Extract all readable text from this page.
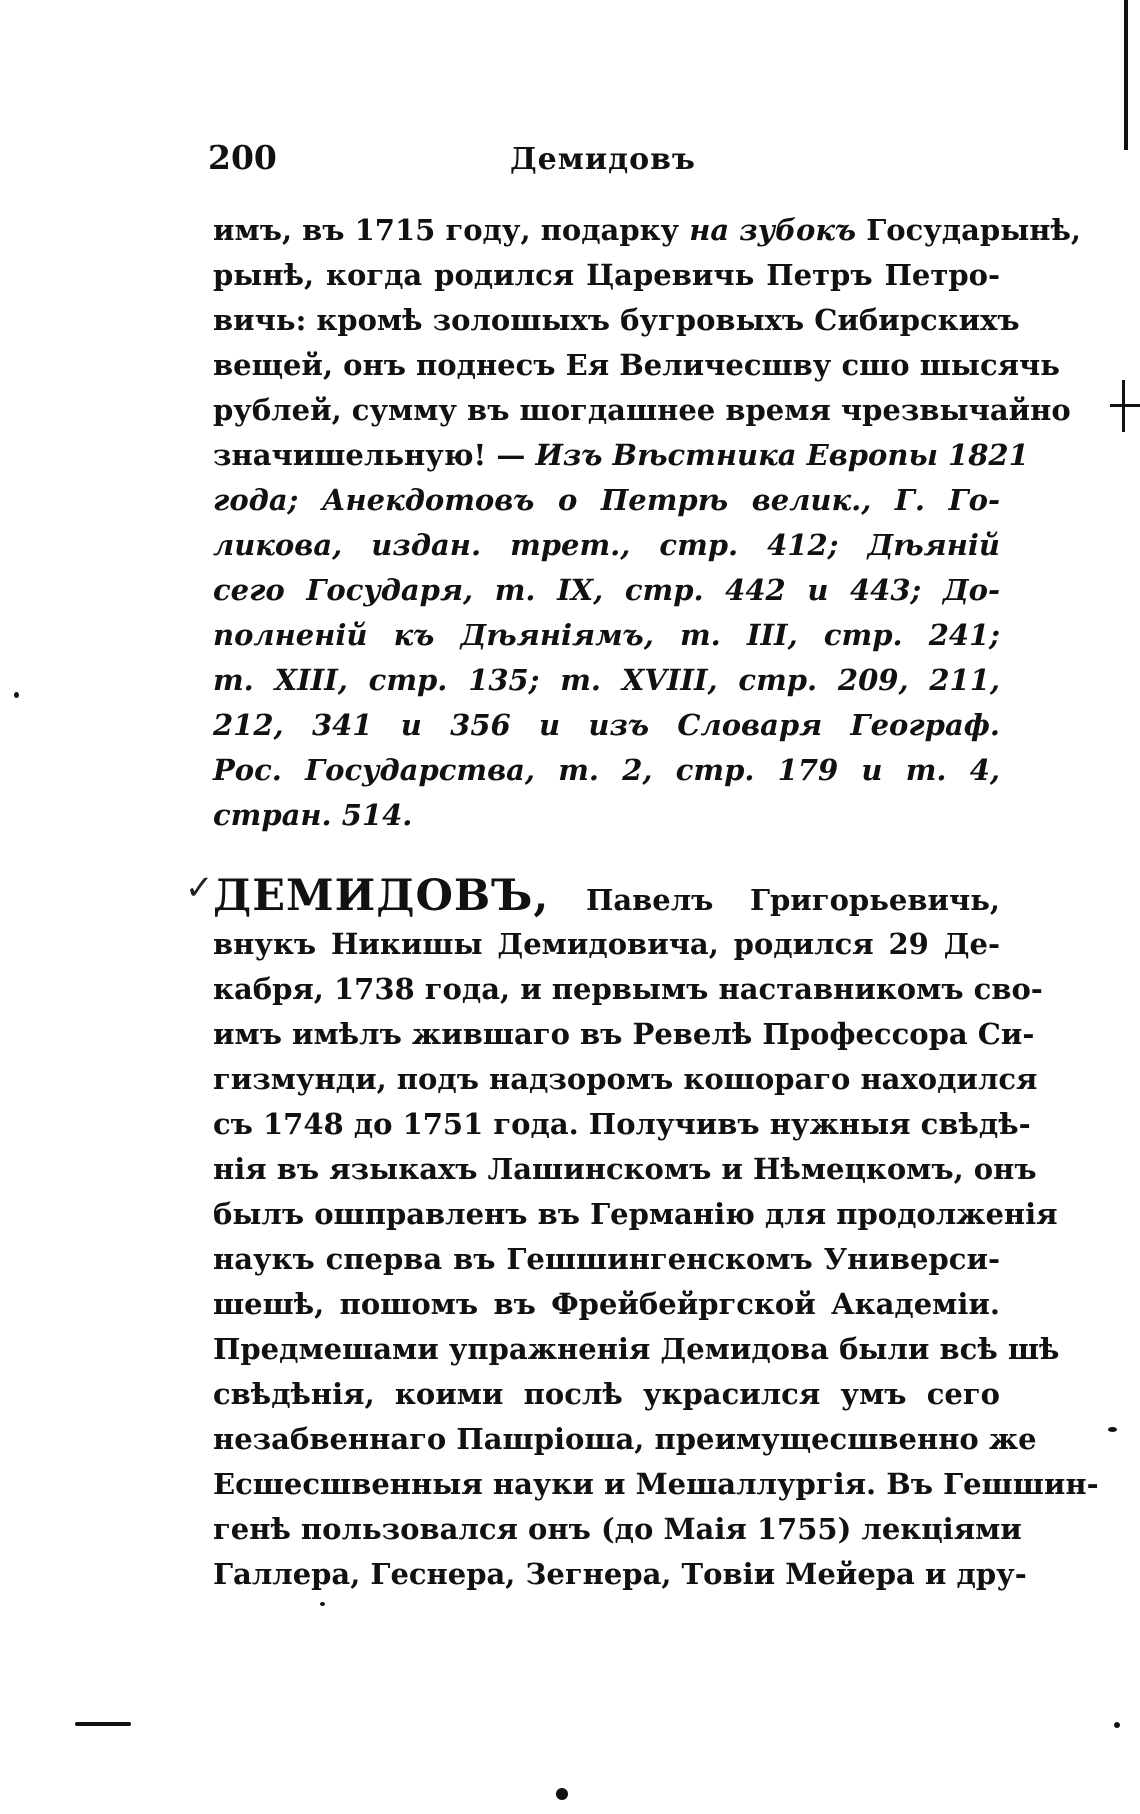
200	Демидовъ
имъ, въ 1715 году, подарку на зубокъ Государынѣ,
рынѣ, когда родился Царевичь Петръ Петро-
вичь: кромѣ золошыхъ бугровыхъ Сибирскихъ
вещей, онъ поднесъ Ея Величесшву сшо шысячь
рублей, сумму въ шогдашнее время чрезвычайно
значишельную! — Изъ Вѣстника Европы 1821
года; Анекдотовъ о Петрѣ велик., Г. Го-
ликова, издан. трет., стр. 412; Дѣяній
сего Государя, т. IX, стр. 442 и 443; До-
полненій къ Дѣяніямъ, т. III, стр. 241;
т. XIII, стр. 135; т. XVIII, стр. 209, 211,
212, 341 и 356 и изъ Словаря Географ.
Рос. Государства, т. 2, стр. 179 и т. 4,
стран. 514.
✓ ДЕМИДОВЪ, Павелъ Григорьевичь,
внукъ Никишы Демидовича, родился 29 Де-
кабря, 1738 года, и первымъ наставникомъ сво-
имъ имѣлъ жившаго въ Ревелѣ Профессора Си-
гизмунди, подъ надзоромъ кошораго находился
съ 1748 до 1751 года. Получивъ нужныя свѣдѣ-
нія въ языкахъ Лашинскомъ и Нѣмецкомъ, онъ
былъ ошправленъ въ Германію для продолженія
наукъ сперва въ Гешшингенскомъ Универси-
шешѣ, пошомъ въ Фрейбейргской Академіи.
Предмешами упражненія Демидова были всѣ шѣ
свѣдѣнія, коими послѣ украсился умъ сего
незабвеннаго Пашріоша, преимущесшвенно же
Есшесшвенныя науки и Мешаллургія. Въ Гешшин-
генѣ пользовался онъ (до Маія 1755) лекціями
Галлера, Геснера, Зегнера, Товіи Мейера и дру-
